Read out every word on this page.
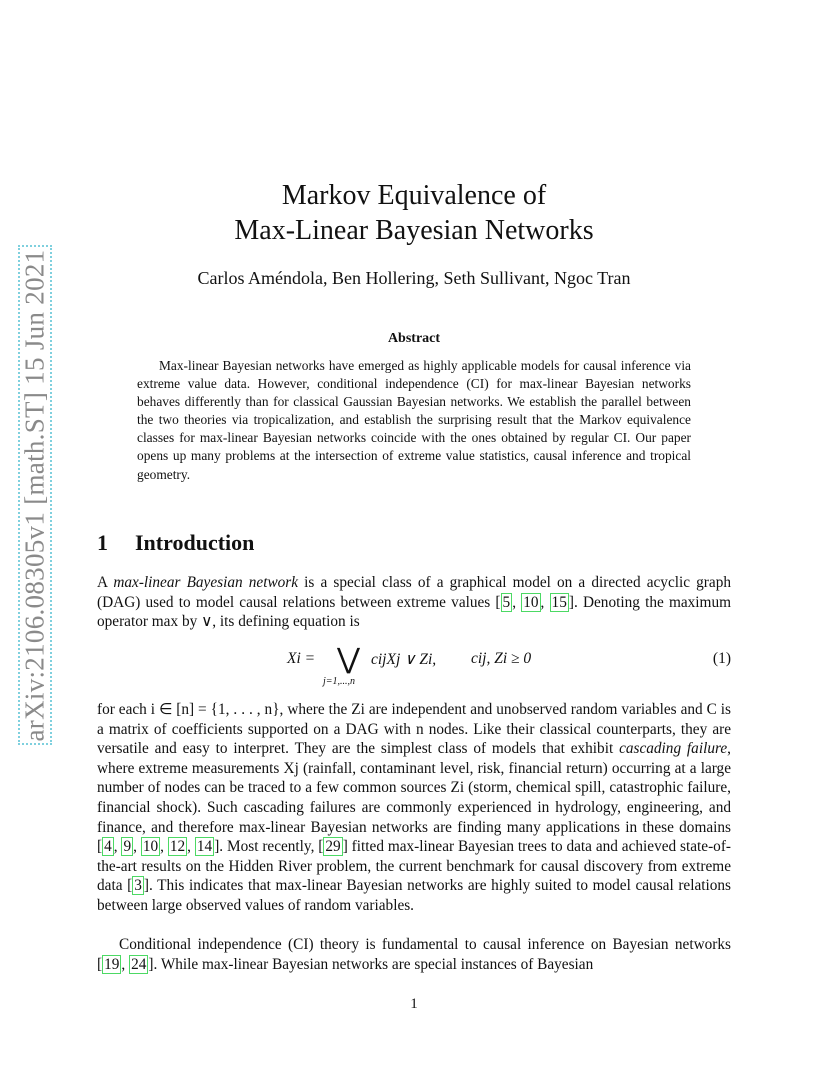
arXiv:2106.08305v1 [math.ST] 15 Jun 2021
Markov Equivalence of
Max-Linear Bayesian Networks
Carlos Améndola, Ben Hollering, Seth Sullivant, Ngoc Tran
Abstract
Max-linear Bayesian networks have emerged as highly applicable models for causal inference via extreme value data. However, conditional independence (CI) for max-linear Bayesian networks behaves differently than for classical Gaussian Bayesian networks. We establish the parallel between the two theories via tropicalization, and establish the surprising result that the Markov equivalence classes for max-linear Bayesian networks coincide with the ones obtained by regular CI. Our paper opens up many problems at the intersection of extreme value statistics, causal inference and tropical geometry.
1 Introduction
A max-linear Bayesian network is a special class of a graphical model on a directed acyclic graph (DAG) used to model causal relations between extreme values [ 5 , 10 , 15 ]. Denoting the maximum operator max by ∨, its defining equation is
Xi = ⋁
j=1,...,n
cijXj ∨ Zi, cij, Zi ≥ 0	(1)
for each i ∈ [n] = {1, . . . , n}, where the Zi are independent and unobserved random variables and C is a matrix of coefficients supported on a DAG with n nodes. Like their classical counterparts, they are versatile and easy to interpret. They are the simplest class of models that exhibit cascading failure, where extreme measurements Xj (rainfall, contaminant level, risk, financial return) occurring at a large number of nodes can be traced to a few common sources Zi (storm, chemical spill, catastrophic failure, financial shock). Such cascading failures are commonly experienced in hydrology, engineering, and finance, and therefore max-linear Bayesian networks are finding many applications in these domains [ 4 , 9 , 10 , 12 , 14 ]. Most recently, [ 29 ] fitted max-linear Bayesian trees to data and achieved state-of-the-art results on the Hidden River problem, the current benchmark for causal discovery from extreme data [ 3 ]. This indicates that max-linear Bayesian networks are highly suited to model causal relations between large observed values of random variables.
Conditional independence (CI) theory is fundamental to causal inference on Bayesian networks [ 19 , 24 ]. While max-linear Bayesian networks are special instances of Bayesian
1
